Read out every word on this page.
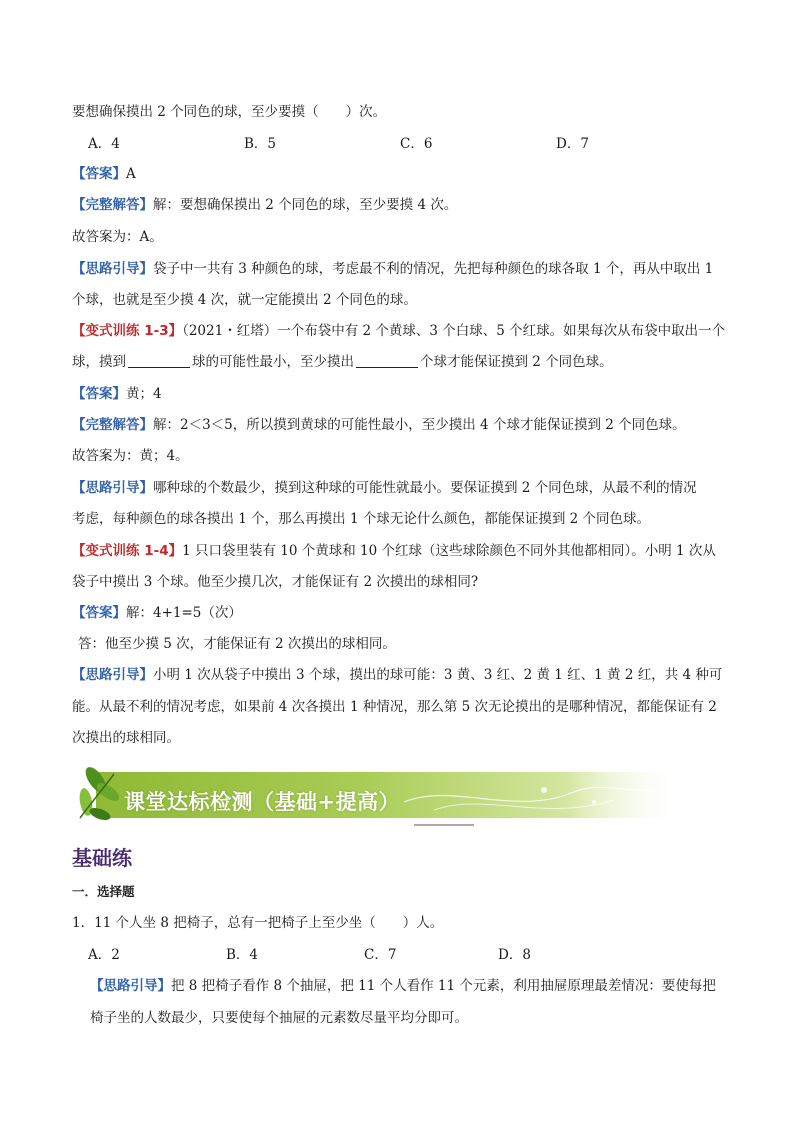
要想确保摸出 2 个同色的球，至少要摸（　　）次。
A．4	B．5	C．6	D．7
【答案】A
【完整解答】解：要想确保摸出 2 个同色的球，至少要摸 4 次。
故答案为：A。
【思路引导】袋子中一共有 3 种颜色的球，考虑最不利的情况，先把每种颜色的球各取 1 个，再从中取出 1
个球，也就是至少摸 4 次，就一定能摸出 2 个同色的球。
【变式训练 1-3】（2021・红塔）一个布袋中有 2 个黄球、3 个白球、5 个红球。如果每次从布袋中取出一个
球，摸到	球的可能性最小，至少摸出	个球才能保证摸到 2 个同色球。
【答案】黄；4
【完整解答】解：2＜3＜5，所以摸到黄球的可能性最小，至少摸出 4 个球才能保证摸到 2 个同色球。
故答案为：黄；4。
【思路引导】哪种球的个数最少，摸到这种球的可能性就最小。要保证摸到 2 个同色球，从最不利的情况
考虑，每种颜色的球各摸出 1 个，那么再摸出 1 个球无论什么颜色，都能保证摸到 2 个同色球。
【变式训练 1-4】1 只口袋里装有 10 个黄球和 10 个红球（这些球除颜色不同外其他都相同）。小明 1 次从
袋子中摸出 3 个球。他至少摸几次，才能保证有 2 次摸出的球相同?
【答案】解：4+1=5（次）
答：他至少摸 5 次，才能保证有 2 次摸出的球相同。
【思路引导】小明 1 次从袋子中摸出 3 个球，摸出的球可能：3 黄、3 红、2 黄 1 红、1 黄 2 红，共 4 种可
能。从最不利的情况考虑，如果前 4 次各摸出 1 种情况，那么第 5 次无论摸出的是哪种情况，都能保证有 2
次摸出的球相同。
课堂达标检测（基础+提高）
基础练
一．选择题
1．11 个人坐 8 把椅子，总有一把椅子上至少坐（　　）人。
A．2	B．4	C．7	D．8
【思路引导】把 8 把椅子看作 8 个抽屉，把 11 个人看作 11 个元素，利用抽屉原理最差情况：要使每把
椅子坐的人数最少，只要使每个抽屉的元素数尽量平均分即可。
